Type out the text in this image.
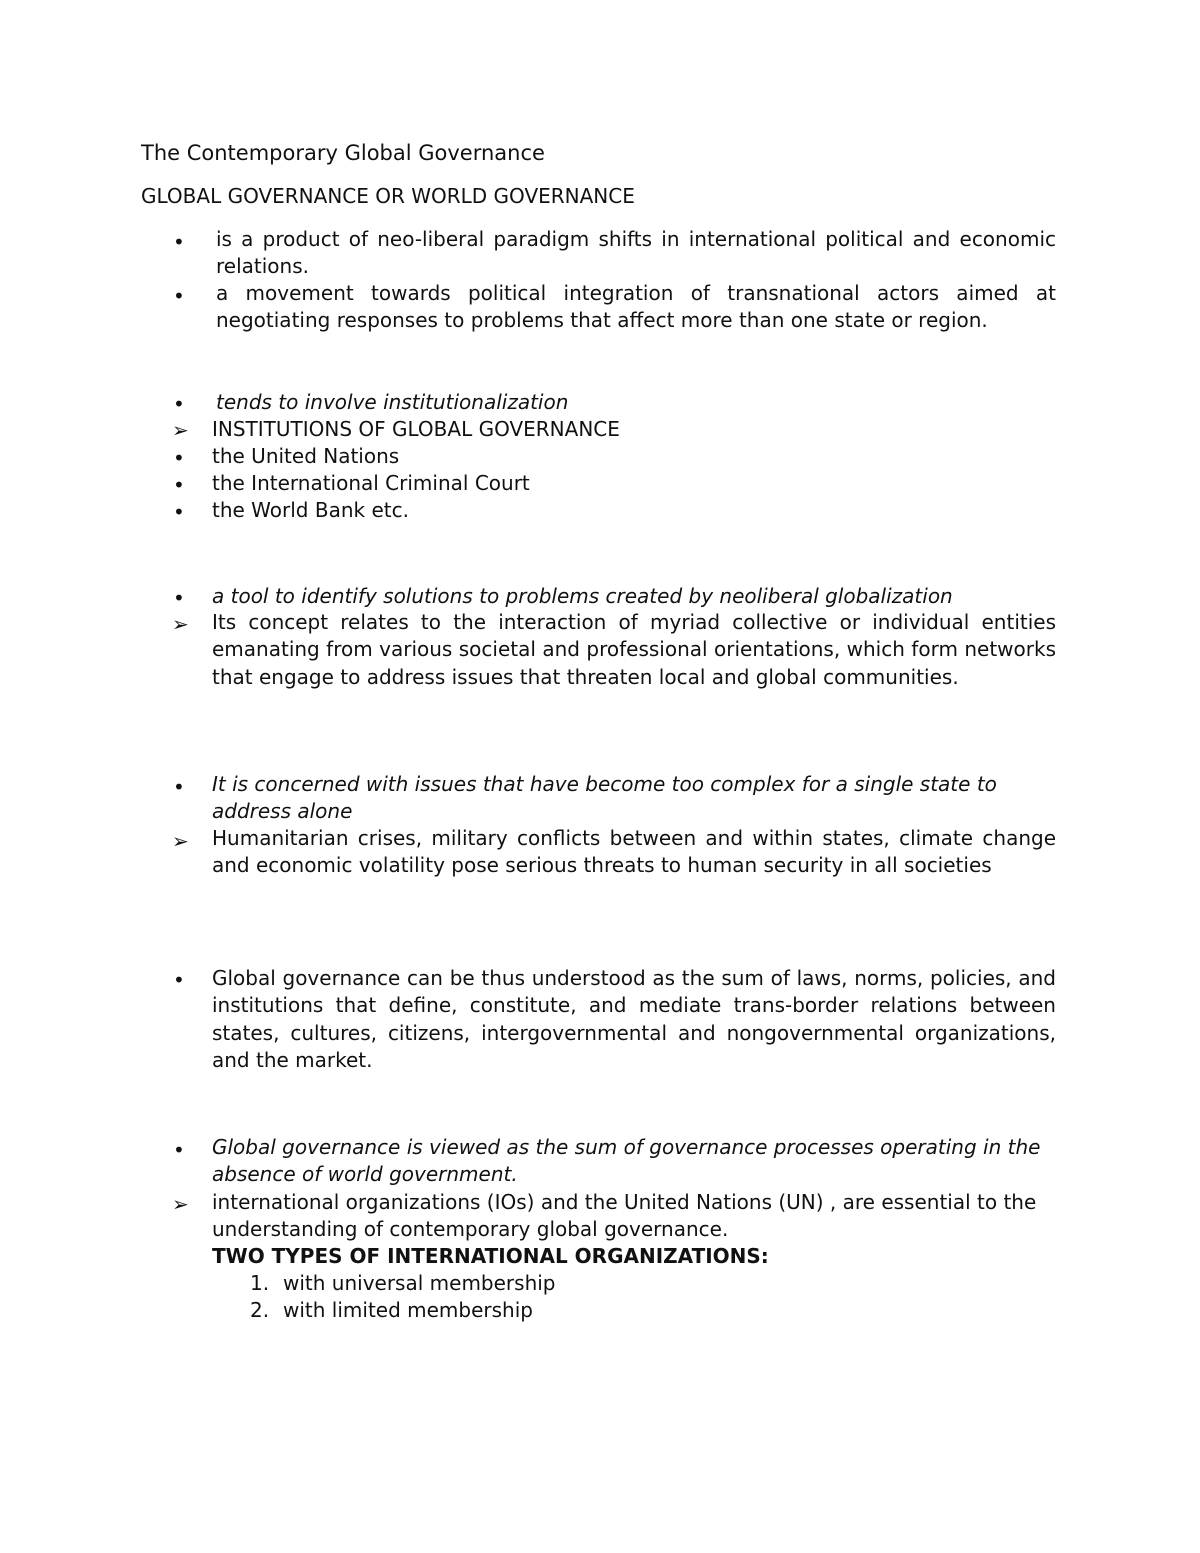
The Contemporary Global Governance
GLOBAL GOVERNANCE OR WORLD GOVERNANCE
• is a product of neo-liberal paradigm shifts in international political and economic relations.
• a movement towards political integration of transnational actors aimed at negotiating responses to problems that affect more than one state or region.
• tends to involve institutionalization
➢ INSTITUTIONS OF GLOBAL GOVERNANCE
• the United Nations
• the International Criminal Court
• the World Bank etc.
• a tool to identify solutions to problems created by neoliberal globalization
➢ Its concept relates to the interaction of myriad collective or individual entities emanating from various societal and professional orientations, which form networks that engage to address issues that threaten local and global communities.
• It is concerned with issues that have become too complex for a single state to address alone
➢ Humanitarian crises, military conflicts between and within states, climate change and economic volatility pose serious threats to human security in all societies
• Global governance can be thus understood as the sum of laws, norms, policies, and institutions that define, constitute, and mediate trans-border relations between states, cultures, citizens, intergovernmental and nongovernmental organizations, and the market.
• Global governance is viewed as the sum of governance processes operating in the absence of world government.
➢ international organizations (IOs) and the United Nations (UN) , are essential to the understanding of contemporary global governance.
TWO TYPES OF INTERNATIONAL ORGANIZATIONS:
1. with universal membership
2. with limited membership
